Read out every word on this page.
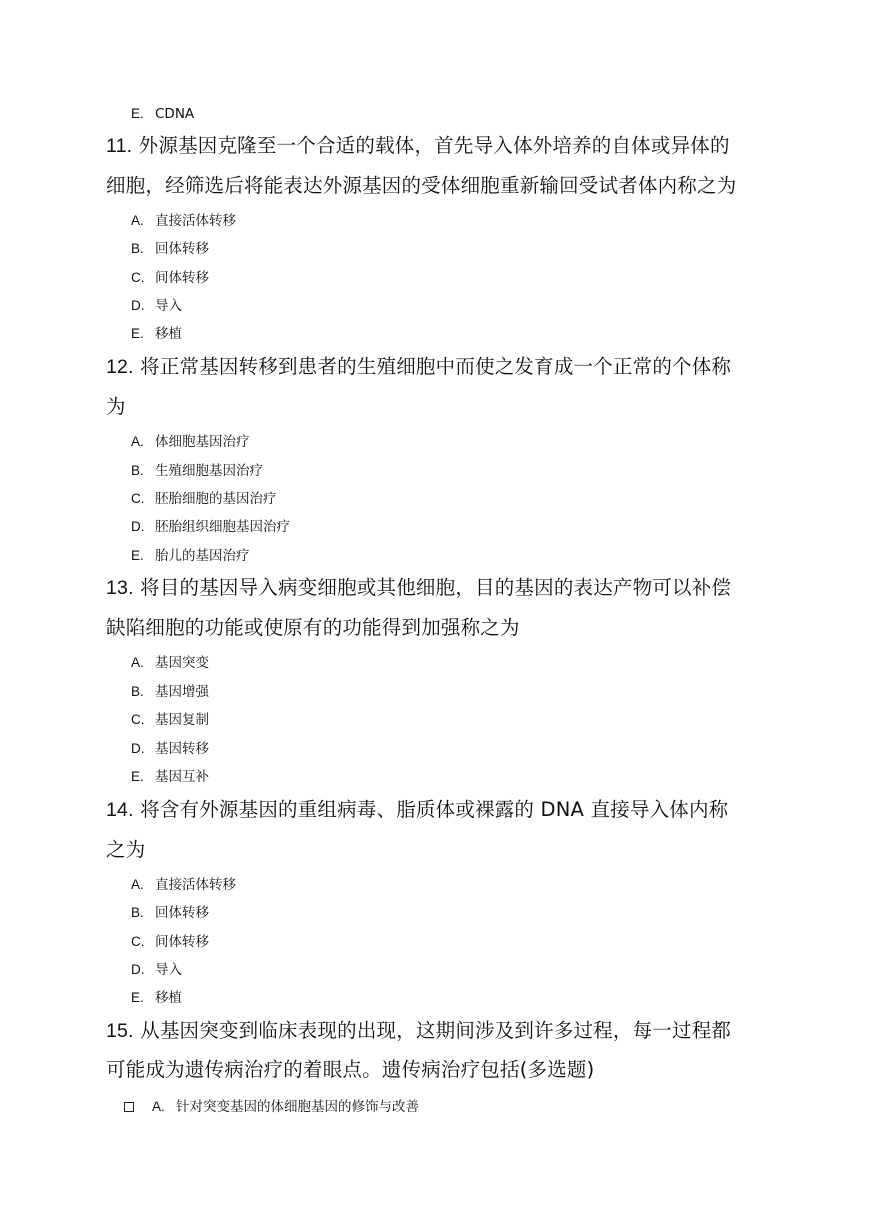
E. CDNA
11. 外源基因克隆至一个合适的载体，首先导入体外培养的自体或异体的
细胞，经筛选后将能表达外源基因的受体细胞重新输回受试者体内称之为
A. 直接活体转移
B. 回体转移
C. 间体转移
D. 导入
E. 移植
12. 将正常基因转移到患者的生殖细胞中而使之发育成一个正常的个体称
为
A. 体细胞基因治疗
B. 生殖细胞基因治疗
C. 胚胎细胞的基因治疗
D. 胚胎组织细胞基因治疗
E. 胎儿的基因治疗
13. 将目的基因导入病变细胞或其他细胞，目的基因的表达产物可以补偿
缺陷细胞的功能或使原有的功能得到加强称之为
A. 基因突变
B. 基因增强
C. 基因复制
D. 基因转移
E. 基因互补
14. 将含有外源基因的重组病毒、脂质体或裸露的 DNA 直接导入体内称
之为
A. 直接活体转移
B. 回体转移
C. 间体转移
D. 导入
E. 移植
15. 从基因突变到临床表现的出现，这期间涉及到许多过程，每一过程都
可能成为遗传病治疗的着眼点。遗传病治疗包括(多选题)
A. 针对突变基因的体细胞基因的修饰与改善
